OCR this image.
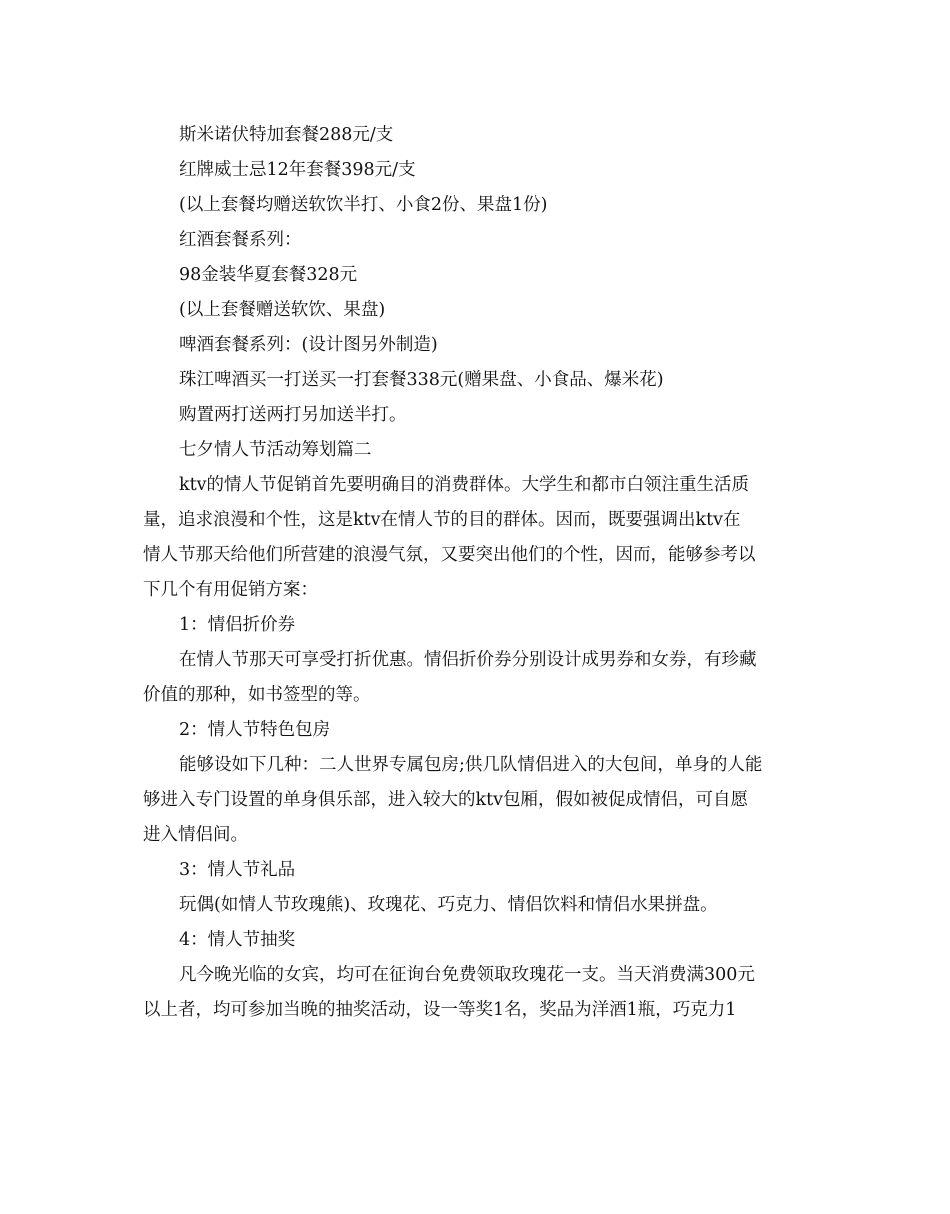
斯米诺伏特加套餐288元/支
红牌威士忌12年套餐398元/支
(以上套餐均赠送软饮半打、小食2份、果盘1份)
红酒套餐系列：
98金装华夏套餐328元
(以上套餐赠送软饮、果盘)
啤酒套餐系列：(设计图另外制造)
珠江啤酒买一打送买一打套餐338元(赠果盘、小食品、爆米花)
购置两打送两打另加送半打。
七夕情人节活动筹划篇二
ktv的情人节促销首先要明确目的消费群体。大学生和都市白领注重生活质
量，追求浪漫和个性，这是ktv在情人节的目的群体。因而，既要强调出ktv在
情人节那天给他们所营建的浪漫气氛，又要突出他们的个性，因而，能够参考以
下几个有用促销方案：
1：情侣折价券
在情人节那天可享受打折优惠。情侣折价券分别设计成男券和女券，有珍藏
价值的那种，如书签型的等。
2：情人节特色包房
能够设如下几种：二人世界专属包房;供几队情侣进入的大包间，单身的人能
够进入专门设置的单身俱乐部，进入较大的ktv包厢，假如被促成情侣，可自愿
进入情侣间。
3：情人节礼品
玩偶(如情人节玫瑰熊)、玫瑰花、巧克力、情侣饮料和情侣水果拼盘。
4：情人节抽奖
凡今晚光临的女宾，均可在征询台免费领取玫瑰花一支。当天消费满300元
以上者，均可参加当晚的抽奖活动，设一等奖1名，奖品为洋酒1瓶，巧克力1
